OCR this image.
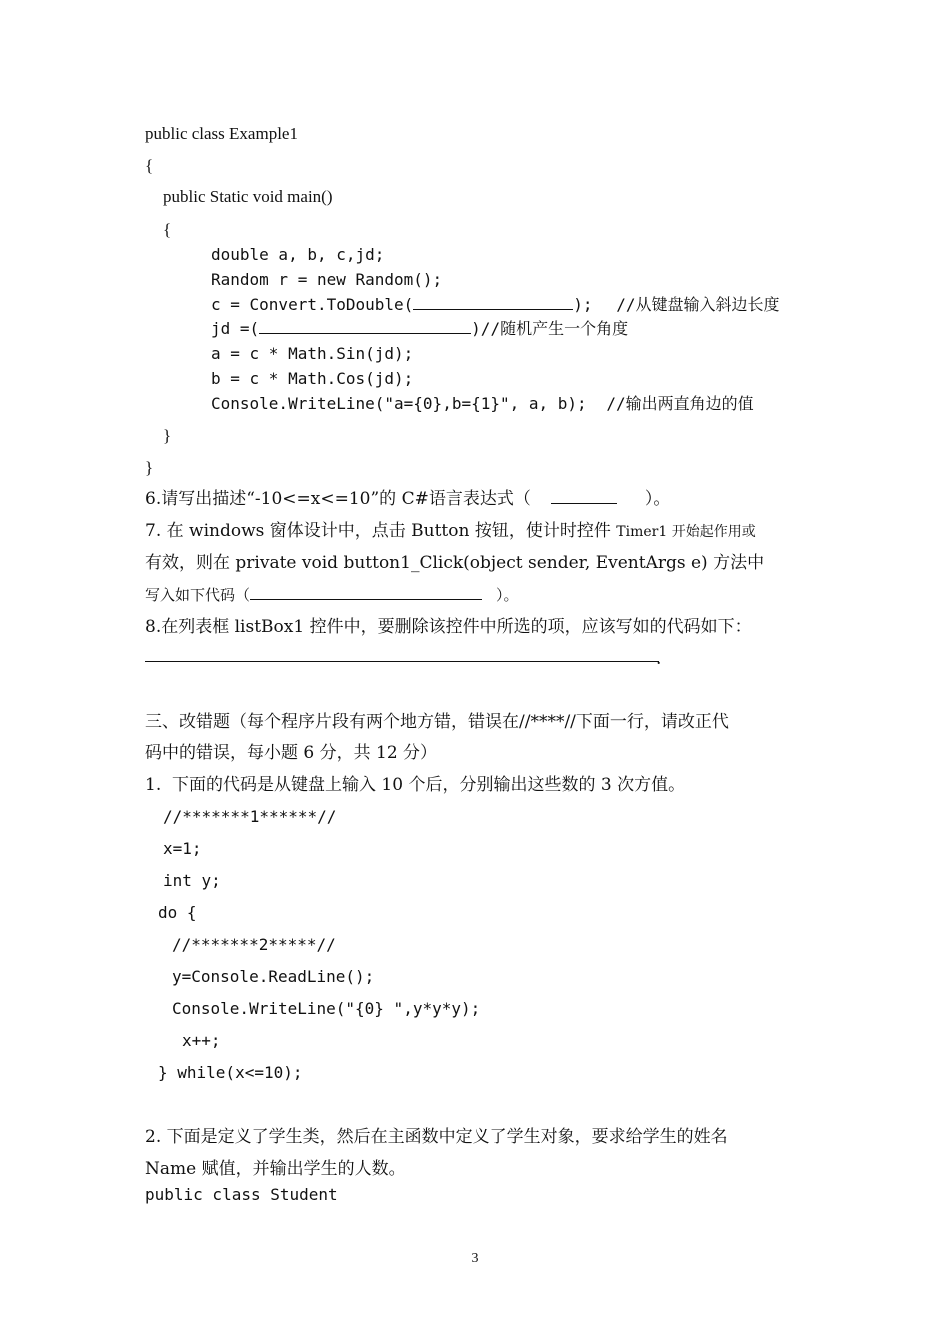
public class Example1
{
public Static void main()
{
double a, b, c,jd;
Random r = new Random();
c = Convert.ToDouble(	); //从键盘输入斜边长度
jd =(	)//随机产生一个角度
a = c * Math.Sin(jd);
b = c * Math.Cos(jd);
Console.WriteLine("a={0},b={1}", a, b); //输出两直角边的值
}
}
6.请写出描述“-10<=x<=10”的 C#语言表达式（	）。
7. 在 windows 窗体设计中，点击 Button 按钮，使计时控件 Timer1 开始起作用或
有效，则在 private void button1_Click(object sender, EventArgs e) 方法中
写入如下代码（	）。
8.在列表框 listBox1 控件中，要删除该控件中所选的项，应该写如的代码如下：
.
三、改错题（每个程序片段有两个地方错，错误在//****//下面一行，请改正代
码中的错误，每小题 6 分，共 12 分）
1.  下面的代码是从键盘上输入 10 个后，分别输出这些数的 3 次方值。
//*******1******//
x=1;
int y;
do {
//*******2*****//
y=Console.ReadLine();
Console.WriteLine("{0} ",y*y*y);
x++;
} while(x<=10);
2. 下面是定义了学生类，然后在主函数中定义了学生对象，要求给学生的姓名
Name 赋值，并输出学生的人数。
public class Student
3
